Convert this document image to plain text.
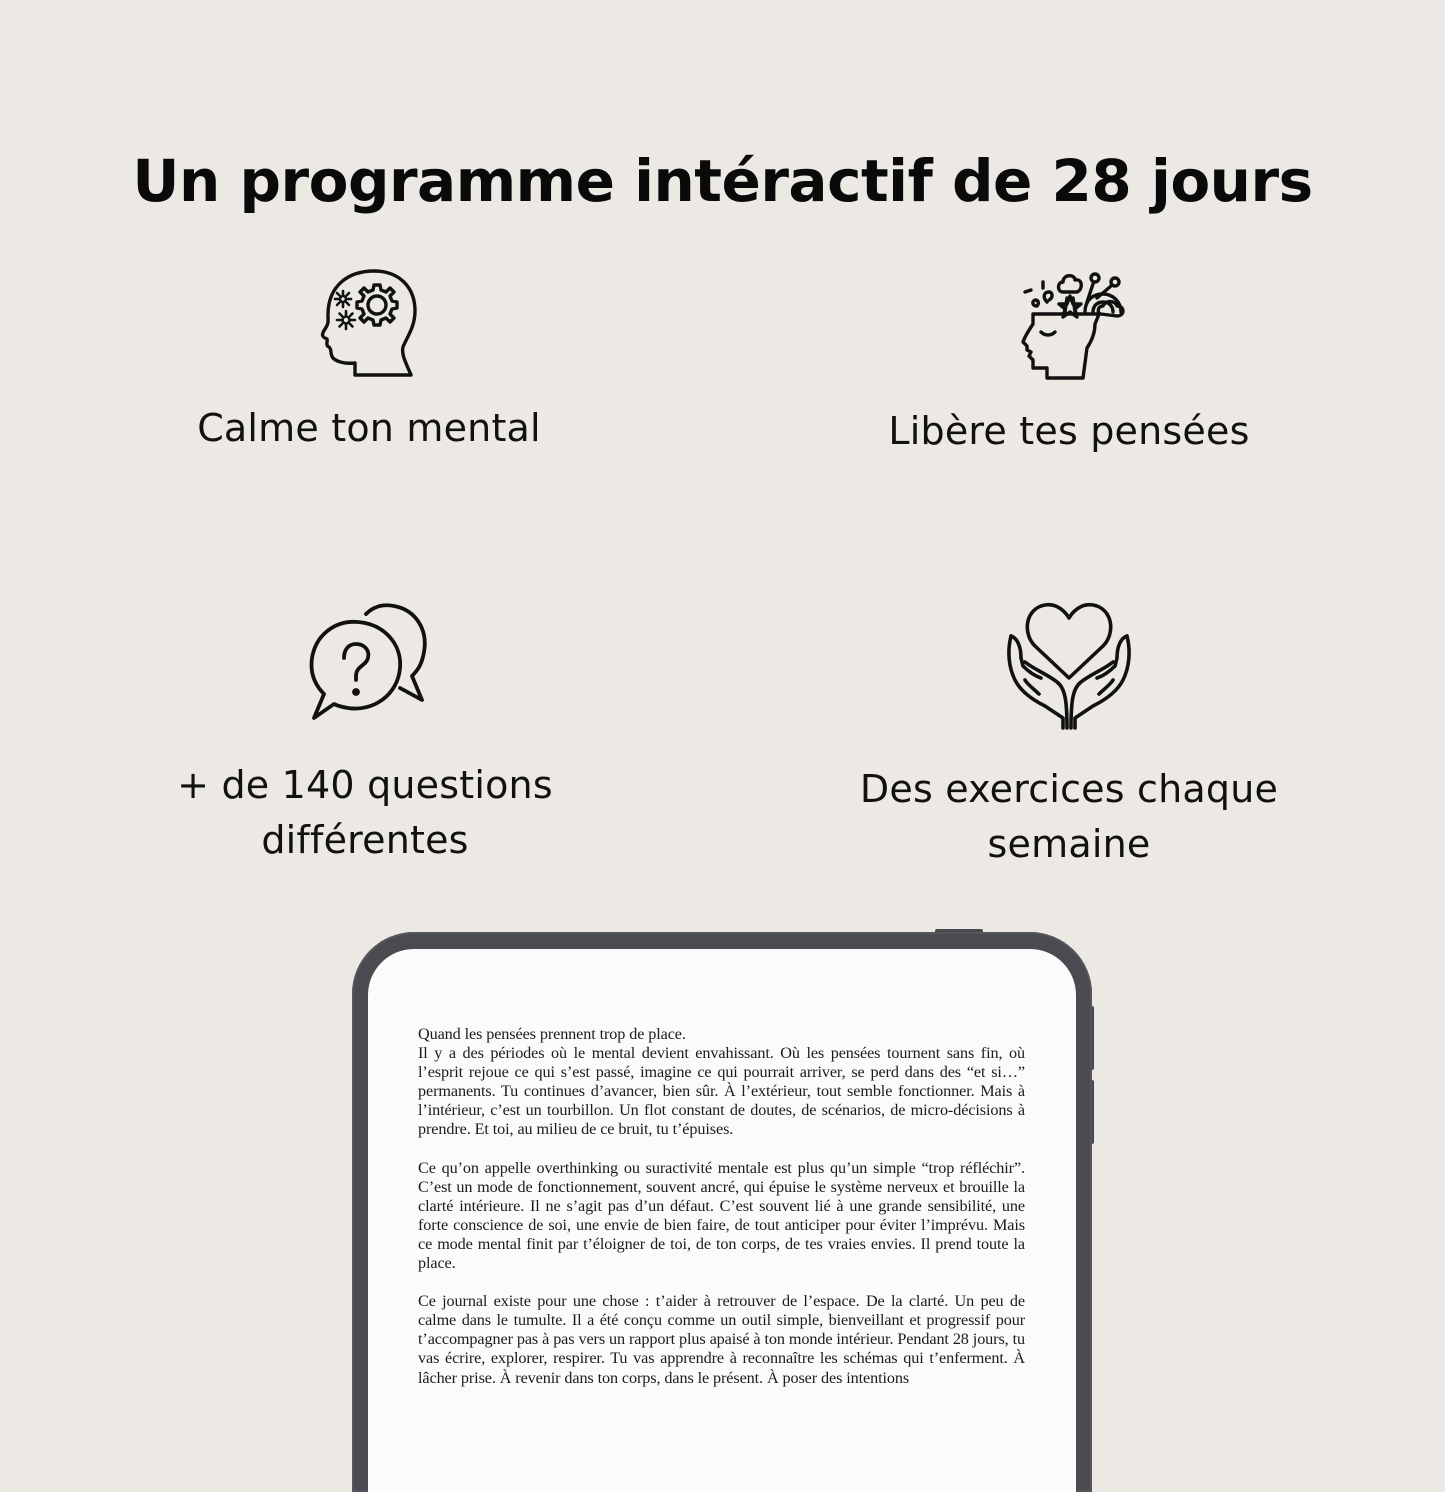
Un programme intéractif de 28 jours
Calme ton mental	Libère tes pensées
+ de 140 questions
différentes
Des exercices chaque
semaine

Quand les pensées prennent trop de place.
Il y a des périodes où le mental devient envahissant. Où les pensées tournent sans fin, où l’esprit rejoue ce qui s’est passé, imagine ce qui pourrait arriver, se perd dans des “et si…” permanents. Tu continues d’avancer, bien sûr. À l’extérieur, tout semble fonctionner. Mais à l’intérieur, c’est un tourbillon. Un flot constant de doutes, de scénarios, de micro-décisions à prendre. Et toi, au milieu de ce bruit, tu t’épuises.

Ce qu’on appelle overthinking ou suractivité mentale est plus qu’un simple “trop réfléchir”. C’est un mode de fonctionnement, souvent ancré, qui épuise le système nerveux et brouille la clarté intérieure. Il ne s’agit pas d’un défaut. C’est souvent lié à une grande sensibilité, une forte conscience de soi, une envie de bien faire, de tout anticiper pour éviter l’imprévu. Mais ce mode mental finit par t’éloigner de toi, de ton corps, de tes vraies envies. Il prend toute la place.

Ce journal existe pour une chose : t’aider à retrouver de l’espace. De la clarté. Un peu de calme dans le tumulte. Il a été conçu comme un outil simple, bienveillant et progressif pour t’accompagner pas à pas vers un rapport plus apaisé à ton monde intérieur. Pendant 28 jours, tu vas écrire, explorer, respirer. Tu vas apprendre à reconnaître les schémas qui t’enferment. À lâcher prise. À revenir dans ton corps, dans le présent. À poser des intentions
